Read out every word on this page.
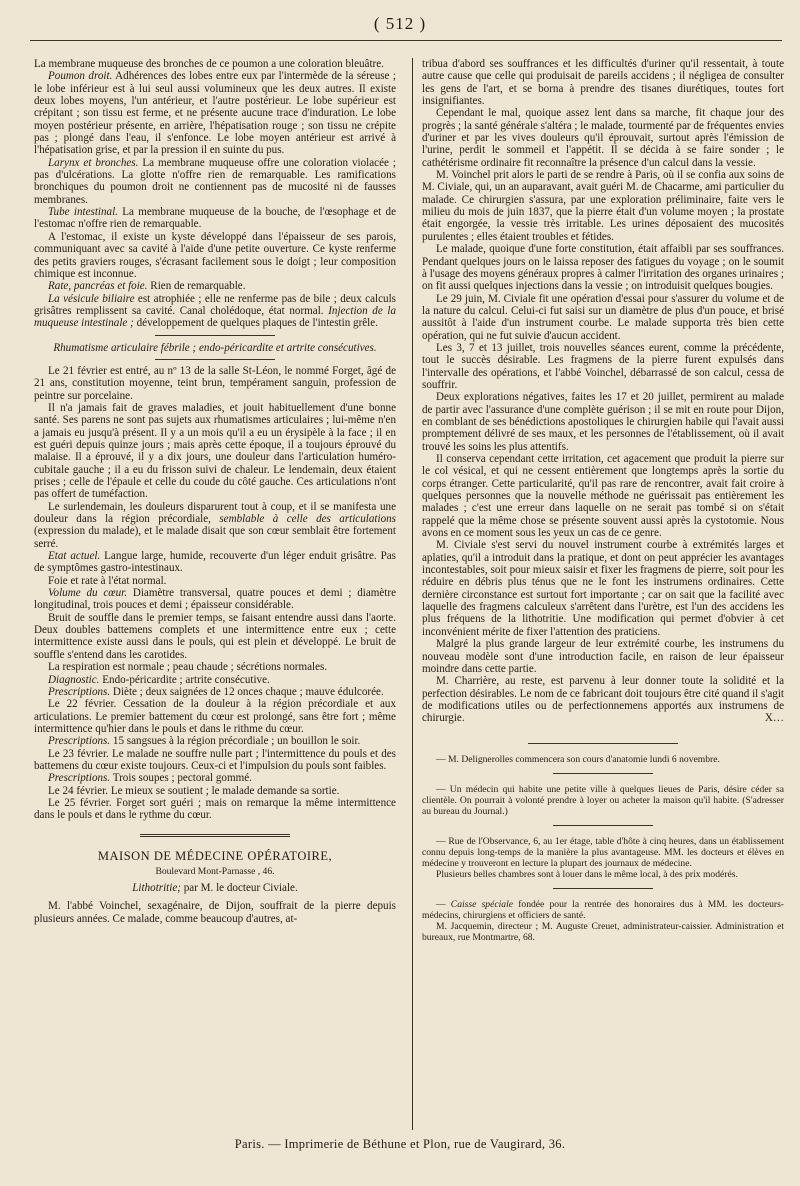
( 512 )

La membrane muqueuse des bronches de ce poumon a une coloration bleuâtre.

Poumon droit. Adhérences des lobes entre eux par l'intermède de la séreuse ; le lobe inférieur est à lui seul aussi volumineux que les deux autres. Il existe deux lobes moyens, l'un antérieur, et l'autre postérieur. Le lobe supérieur est crépitant ; son tissu est ferme, et ne présente aucune trace d'induration. Le lobe moyen postérieur présente, en arrière, l'hépatisation rouge ; son tissu ne crépite pas ; plongé dans l'eau, il s'enfonce. Le lobe moyen antérieur est arrivé à l'hépatisation grise, et par la pression il en suinte du pus.

Larynx et bronches. La membrane muqueuse offre une coloration violacée ; pas d'ulcérations. La glotte n'offre rien de remarquable. Les ramifications bronchiques du poumon droit ne contiennent pas de mucosité ni de fausses membranes.

Tube intestinal. La membrane muqueuse de la bouche, de l'œsophage et de l'estomac n'offre rien de remarquable.

A l'estomac, il existe un kyste développé dans l'épaisseur de ses parois, communiquant avec sa cavité à l'aide d'une petite ouverture. Ce kyste renferme des petits graviers rouges, s'écrasant facilement sous le doigt ; leur composition chimique est inconnue.

Rate, pancréas et foie. Rien de remarquable.

La vésicule biliaire est atrophiée ; elle ne renferme pas de bile ; deux calculs grisâtres remplissent sa cavité. Canal cholédoque, état normal. Injection de la muqueuse intestinale ; développement de quelques plaques de l'intestin grêle.

Rhumatisme articulaire fébrile ; endo-péricardite et artrite consécutives.

Le 21 février est entré, au nº 13 de la salle St-Léon, le nommé Forget, âgé de 21 ans, constitution moyenne, teint brun, tempérament sanguin, profession de peintre sur porcelaine.

Il n'a jamais fait de graves maladies, et jouit habituellement d'une bonne santé. Ses parens ne sont pas sujets aux rhumatismes articulaires ; lui-même n'en a jamais eu jusqu'à présent. Il y a un mois qu'il a eu un érysipèle à la face ; il en est guéri depuis quinze jours ; mais après cette époque, il a toujours éprouvé du malaise. Il a éprouvé, il y a dix jours, une douleur dans l'articulation huméro-cubitale gauche ; il a eu du frisson suivi de chaleur. Le lendemain, deux étaient prises ; celle de l'épaule et celle du coude du côté gauche. Ces articulations n'ont pas offert de tuméfaction.

Le surlendemain, les douleurs disparurent tout à coup, et il se manifesta une douleur dans la région précordiale, semblable à celle des articulations (expression du malade), et le malade disait que son cœur semblait être fortement serré.

Etat actuel. Langue large, humide, recouverte d'un léger enduit grisâtre. Pas de symptômes gastro-intestinaux.

Foie et rate à l'état normal.

Volume du cœur. Diamètre transversal, quatre pouces et demi ; diamètre longitudinal, trois pouces et demi ; épaisseur considérable.

Bruit de souffle dans le premier temps, se faisant entendre aussi dans l'aorte. Deux doubles battemens complets et une intermittence entre eux ; cette intermittence existe aussi dans le pouls, qui est plein et développé. Le bruit de souffle s'entend dans les carotides.

La respiration est normale ; peau chaude ; sécrétions normales.

Diagnostic. Endo-péricardite ; artrite consécutive.

Prescriptions. Diète ; deux saignées de 12 onces chaque ; mauve édulcorée.

Le 22 février. Cessation de la douleur à la région précordiale et aux articulations. Le premier battement du cœur est prolongé, sans être fort ; même intermittence qu'hier dans le pouls et dans le rithme du cœur.

Prescriptions. 15 sangsues à la région précordiale ; un bouillon le soir.

Le 23 février. Le malade ne souffre nulle part ; l'intermittence du pouls et des battemens du cœur existe toujours. Ceux-ci et l'impulsion du pouls sont faibles.

Prescriptions. Trois soupes ; pectoral gommé.

Le 24 février. Le mieux se soutient ; le malade demande sa sortie.

Le 25 février. Forget sort guéri ; mais on remarque la même intermittence dans le pouls et dans le rythme du cœur.

MAISON DE MÉDECINE OPÉRATOIRE,

Boulevard Mont-Parnasse , 46.

Lithotritie; par M. le docteur Civiale.

M. l'abbé Voinchel, sexagénaire, de Dijon, souffrait de la pierre depuis plusieurs années. Ce malade, comme beaucoup d'autres, at-

tribua d'abord ses souffrances et les difficultés d'uriner qu'il ressentait, à toute autre cause que celle qui produisait de pareils accidens ; il négligea de consulter les gens de l'art, et se borna à prendre des tisanes diurétiques, toutes fort insignifiantes.

Cependant le mal, quoique assez lent dans sa marche, fit chaque jour des progrès ; la santé générale s'altéra ; le malade, tourmenté par de fréquentes envies d'uriner et par les vives douleurs qu'il éprouvait, surtout après l'émission de l'urine, perdit le sommeil et l'appétit. Il se décida à se faire sonder ; le cathétérisme ordinaire fit reconnaître la présence d'un calcul dans la vessie.

M. Voinchel prit alors le parti de se rendre à Paris, où il se confia aux soins de M. Civiale, qui, un an auparavant, avait guéri M. de Chacarme, ami particulier du malade. Ce chirurgien s'assura, par une exploration préliminaire, faite vers le milieu du mois de juin 1837, que la pierre était d'un volume moyen ; la prostate était engorgée, la vessie très irritable. Les urines déposaient des mucosités purulentes ; elles étaient troubles et fétides.

Le malade, quoique d'une forte constitution, était affaibli par ses souffrances. Pendant quelques jours on le laissa reposer des fatigues du voyage ; on le soumit à l'usage des moyens généraux propres à calmer l'irritation des organes urinaires ; on fit aussi quelques injections dans la vessie ; on introduisit quelques bougies.

Le 29 juin, M. Civiale fit une opération d'essai pour s'assurer du volume et de la nature du calcul. Celui-ci fut saisi sur un diamètre de plus d'un pouce, et brisé aussitôt à l'aide d'un instrument courbe. Le malade supporta très bien cette opération, qui ne fut suivie d'aucun accident.

Les 3, 7 et 13 juillet, trois nouvelles séances eurent, comme la précédente, tout le succès désirable. Les fragmens de la pierre furent expulsés dans l'intervalle des opérations, et l'abbé Voinchel, débarrassé de son calcul, cessa de souffrir.

Deux explorations négatives, faites les 17 et 20 juillet, permirent au malade de partir avec l'assurance d'une complète guérison ; il se mit en route pour Dijon, en comblant de ses bénédictions apostoliques le chirurgien habile qui l'avait aussi promptement délivré de ses maux, et les personnes de l'établissement, où il avait trouvé les soins les plus attentifs.

Il conserva cependant cette irritation, cet agacement que produit la pierre sur le col vésical, et qui ne cessent entièrement que longtemps après la sortie du corps étranger. Cette particularité, qu'il pas rare de rencontrer, avait fait croire à quelques personnes que la nouvelle méthode ne guérissait pas entièrement les malades ; c'est une erreur dans laquelle on ne serait pas tombé si on s'était rappelé que la même chose se présente souvent aussi après la cystotomie. Nous avons en ce moment sous les yeux un cas de ce genre.

M. Civiale s'est servi du nouvel instrument courbe à extrémités larges et aplaties, qu'il a introduit dans la pratique, et dont on peut apprécier les avantages incontestables, soit pour mieux saisir et fixer les fragmens de pierre, soit pour les réduire en débris plus ténus que ne le font les instrumens ordinaires. Cette dernière circonstance est surtout fort importante ; car on sait que la facilité avec laquelle des fragmens calculeux s'arrêtent dans l'urètre, est l'un des accidens les plus fréquens de la lithotritie. Une modification qui permet d'obvier à cet inconvénient mérite de fixer l'attention des praticiens.

Malgré la plus grande largeur de leur extrémité courbe, les instrumens du nouveau modèle sont d'une introduction facile, en raison de leur épaisseur moindre dans cette partie.

M. Charrière, au reste, est parvenu à leur donner toute la solidité et la perfection désirables. Le nom de ce fabricant doit toujours être cité quand il s'agit de modifications utiles ou de perfectionnemens apportés aux instrumens de chirurgie.	X…

— M. Delignerolles commencera son cours d'anatomie lundi 6 novembre.

— Un médecin qui habite une petite ville à quelques lieues de Paris, désire céder sa clientèle. On pourrait à volonté prendre à loyer ou acheter la maison qu'il habite. (S'adresser au bureau du Journal.)

— Rue de l'Observance, 6, au 1er étage, table d'hôte à cinq heures, dans un établissement connu depuis long-temps de la manière la plus avantageuse. MM. les docteurs et élèves en médecine y trouveront en lecture la plupart des journaux de médecine.

Plusieurs belles chambres sont à louer dans le même local, à des prix modérés.

— Caisse spéciale fondée pour la rentrée des honoraires dus à MM. les docteurs-médecins, chirurgiens et officiers de santé.

M. Jacquemin, directeur ; M. Auguste Creuet, administrateur-caissier. Administration et bureaux, rue Montmartre, 68.

Paris. — Imprimerie de Béthune et Plon, rue de Vaugirard, 36.
